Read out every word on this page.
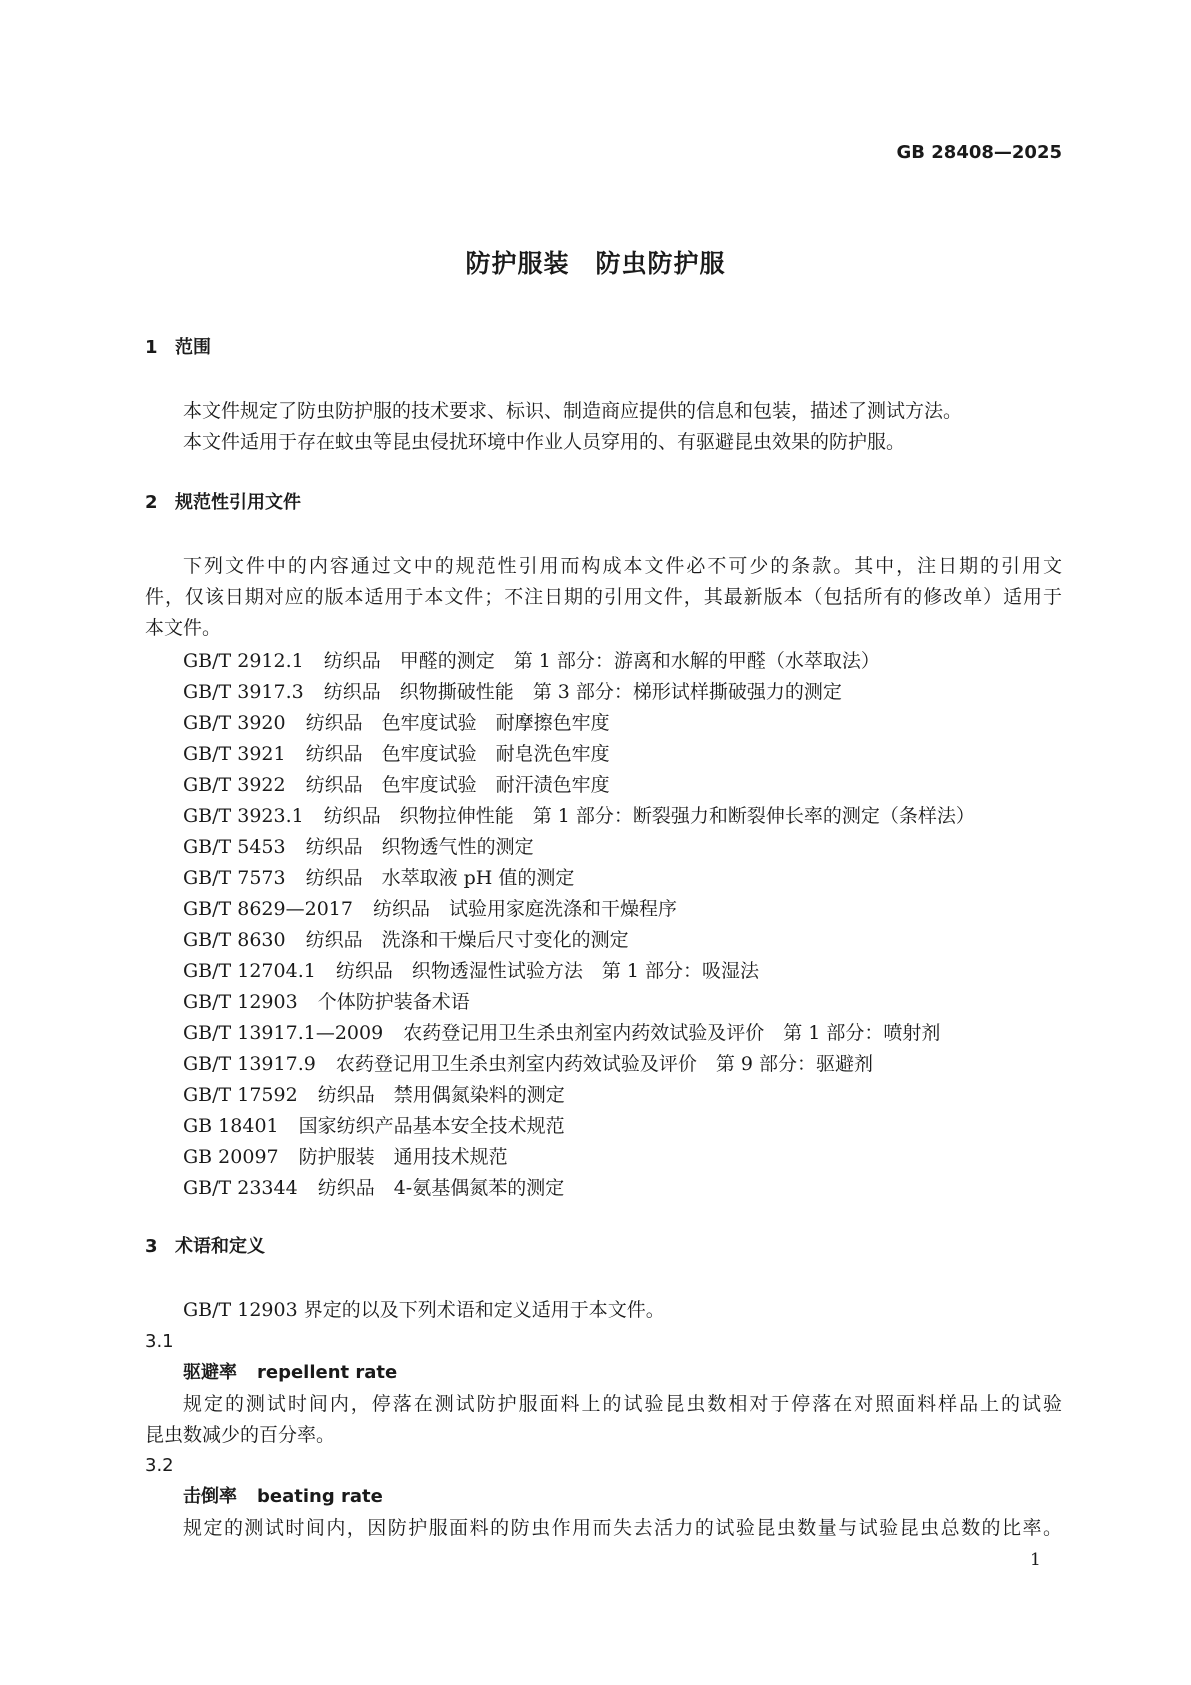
GB 28408—2025
防护服装　防虫防护服
1 范围
本文件规定了防虫防护服的技术要求、标识、制造商应提供的信息和包装，描述了测试方法。
本文件适用于存在蚊虫等昆虫侵扰环境中作业人员穿用的、有驱避昆虫效果的防护服。
2 规范性引用文件
下列文件中的内容通过文中的规范性引用而构成本文件必不可少的条款。其中，注日期的引用文
件，仅该日期对应的版本适用于本文件；不注日期的引用文件，其最新版本（包括所有的修改单）适用于
本文件。
GB/T 2912.1 纺织品　甲醛的测定　第 1 部分：游离和水解的甲醛（水萃取法）
GB/T 3917.3 纺织品　织物撕破性能　第 3 部分：梯形试样撕破强力的测定
GB/T 3920 纺织品　色牢度试验　耐摩擦色牢度
GB/T 3921 纺织品　色牢度试验　耐皂洗色牢度
GB/T 3922 纺织品　色牢度试验　耐汗渍色牢度
GB/T 3923.1 纺织品　织物拉伸性能　第 1 部分：断裂强力和断裂伸长率的测定（条样法）
GB/T 5453 纺织品　织物透气性的测定
GB/T 7573 纺织品　水萃取液 pH 值的测定
GB/T 8629—2017 纺织品　试验用家庭洗涤和干燥程序
GB/T 8630 纺织品　洗涤和干燥后尺寸变化的测定
GB/T 12704.1 纺织品　织物透湿性试验方法　第 1 部分：吸湿法
GB/T 12903 个体防护装备术语
GB/T 13917.1—2009 农药登记用卫生杀虫剂室内药效试验及评价　第 1 部分：喷射剂
GB/T 13917.9 农药登记用卫生杀虫剂室内药效试验及评价　第 9 部分：驱避剂
GB/T 17592 纺织品　禁用偶氮染料的测定
GB 18401 国家纺织产品基本安全技术规范
GB 20097 防护服装　通用技术规范
GB/T 23344 纺织品　4-氨基偶氮苯的测定
3 术语和定义
GB/T 12903 界定的以及下列术语和定义适用于本文件。
3.1
驱避率 repellent rate
规定的测试时间内，停落在测试防护服面料上的试验昆虫数相对于停落在对照面料样品上的试验
昆虫数减少的百分率。
3.2
击倒率 beating rate
规定的测试时间内，因防护服面料的防虫作用而失去活力的试验昆虫数量与试验昆虫总数的比率。
1
